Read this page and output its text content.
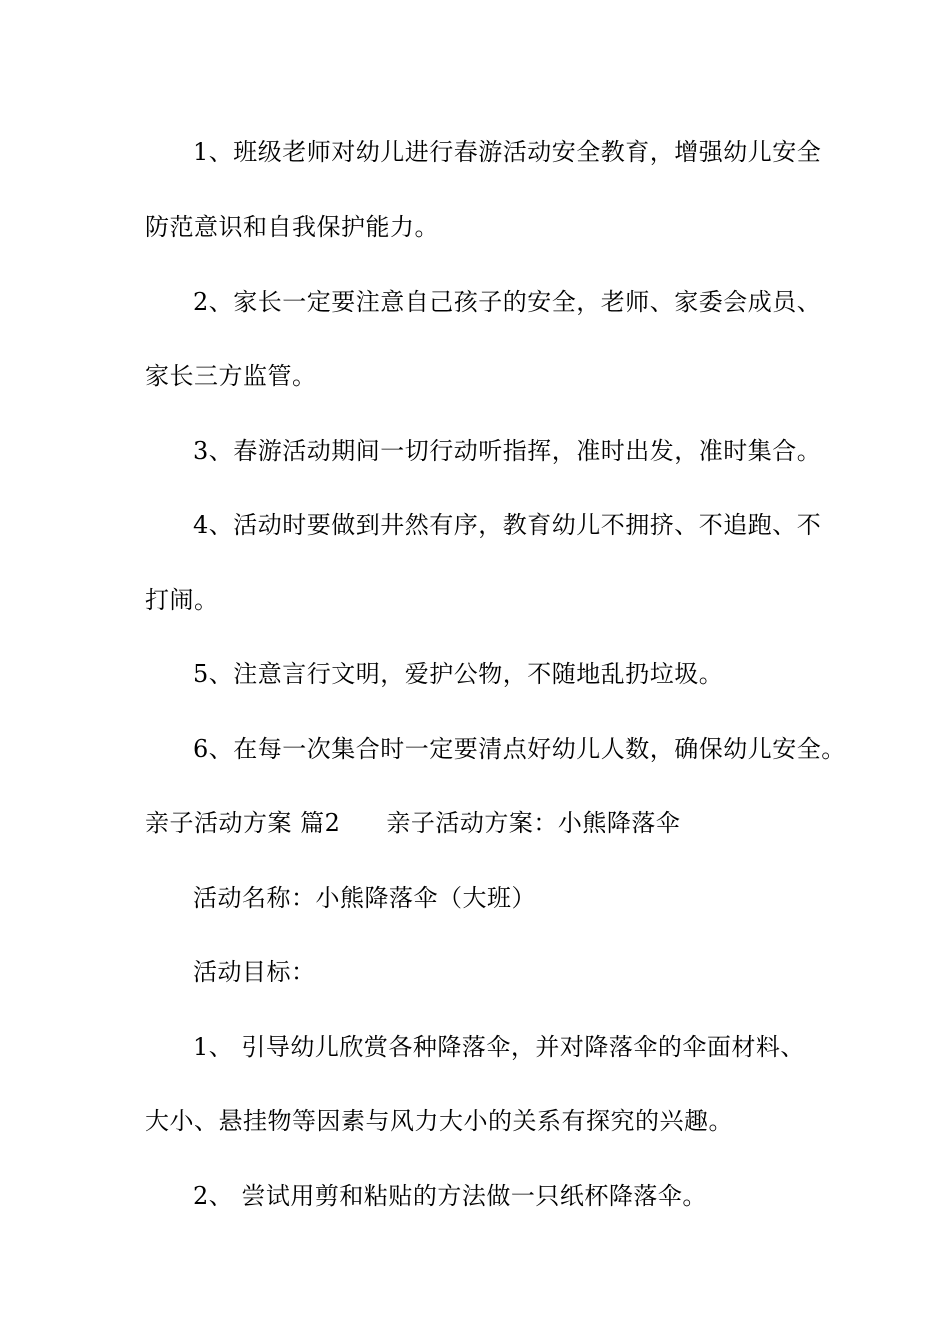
1、班级老师对幼儿进行春游活动安全教育，增强幼儿安全
防范意识和自我保护能力。
2、家长一定要注意自己孩子的安全，老师、家委会成员、
家长三方监管。
3、春游活动期间一切行动听指挥，准时出发，准时集合。
4、活动时要做到井然有序，教育幼儿不拥挤、不追跑、不
打闹。
5、注意言行文明，爱护公物，不随地乱扔垃圾。
6、在每一次集合时一定要清点好幼儿人数，确保幼儿安全。
亲子活动方案 篇2 亲子活动方案：小熊降落伞
活动名称：小熊降落伞（大班）
活动目标：
1、 引导幼儿欣赏各种降落伞，并对降落伞的伞面材料、
大小、悬挂物等因素与风力大小的关系有探究的兴趣。
2、 尝试用剪和粘贴的方法做一只纸杯降落伞。
